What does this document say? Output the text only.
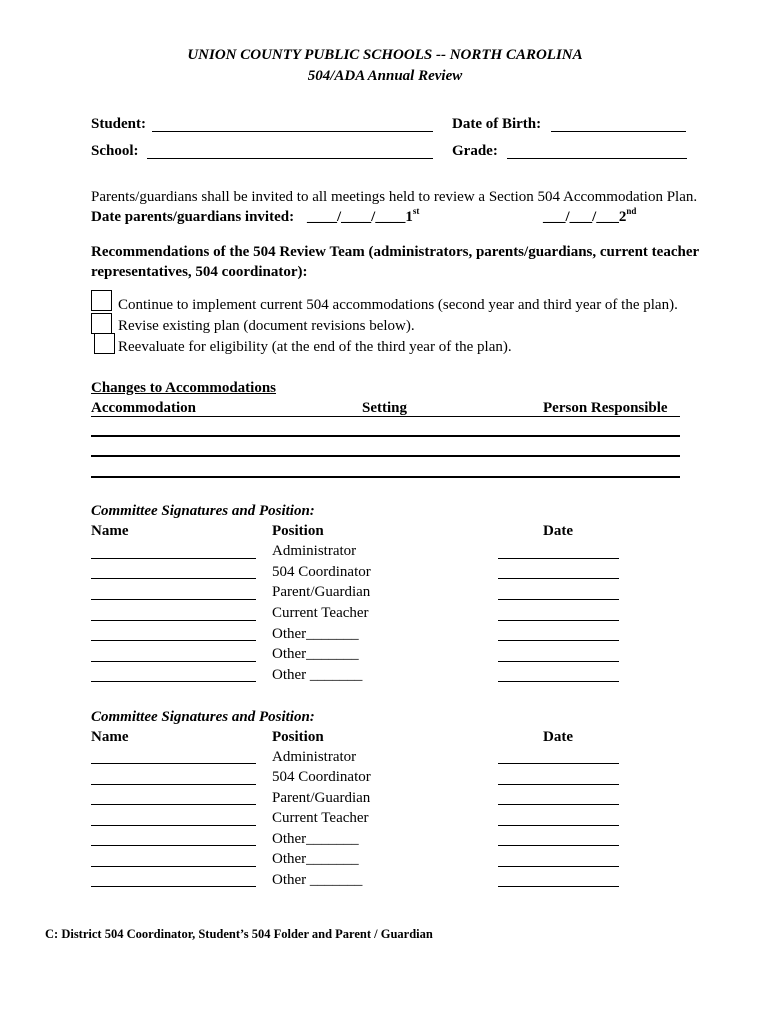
UNION COUNTY PUBLIC SCHOOLS -- NORTH CAROLINA
504/ADA Annual Review
Student:	Date of Birth:
School:	Grade:
Parents/guardians shall be invited to all meetings held to review a Section 504 Accommodation Plan.
Date parents/guardians invited: ____/____/____1st	___/___/___2nd
Recommendations of the 504 Review Team (administrators, parents/guardians, current teacher
representatives, 504 coordinator):
Continue to implement current 504 accommodations (second year and third year of the plan).
Revise existing plan (document revisions below).
Reevaluate for eligibility (at the end of the third year of the plan).
Changes to Accommodations
Accommodation	Setting	Person Responsible
Committee Signatures and Position:
Name	Position	Date
Administrator
504 Coordinator
Parent/Guardian
Current Teacher
Other_______
Other_______
Other _______
Committee Signatures and Position:
Name	Position	Date
Administrator
504 Coordinator
Parent/Guardian
Current Teacher
Other_______
Other_______
Other _______
C: District 504 Coordinator, Student’s 504 Folder and Parent / Guardian
